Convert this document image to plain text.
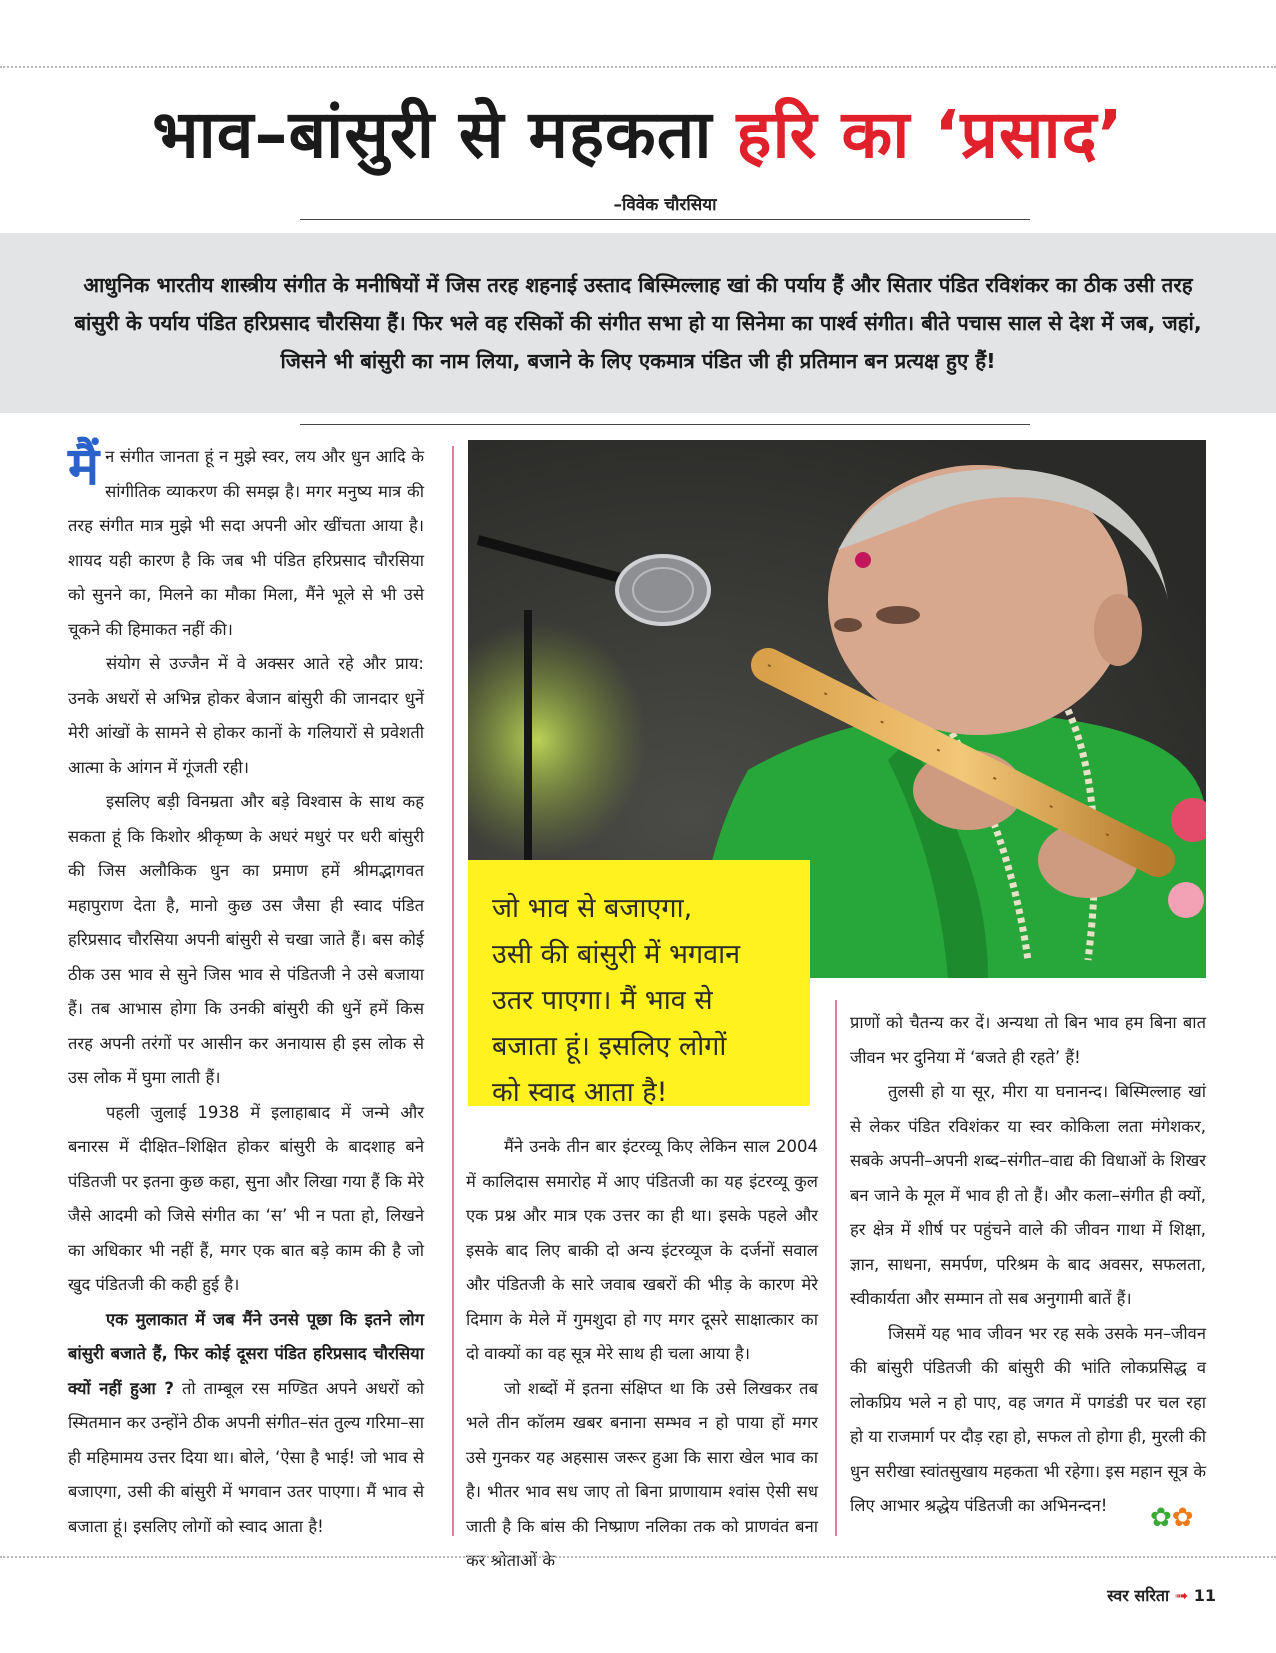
भाव–बांसुरी से महकता हरि का ‘प्रसाद’
–विवेक चौरसिया

आधुनिक भारतीय शास्त्रीय संगीत के मनीषियों में जिस तरह शहनाई उस्ताद बिस्मिल्लाह खां की पर्याय हैं और सितार पंडित रविशंकर का ठीक उसी तरह बांसुरी के पर्याय पंडित हरिप्रसाद चौरसिया हैं। फिर भले वह रसिकों की संगीत सभा हो या सिनेमा का पार्श्व संगीत। बीते पचास साल से देश में जब, जहां, जिसने भी बांसुरी का नाम लिया, बजाने के लिए एकमात्र पंडित जी ही प्रतिमान बन प्रत्यक्ष हुए हैं!

मैंन संगीत जानता हूं न मुझे स्वर, लय और धुन आदि के सांगीतिक व्याकरण की समझ है। मगर मनुष्य मात्र की तरह संगीत मात्र मुझे भी सदा अपनी ओर खींचता आया है। शायद यही कारण है कि जब भी पंडित हरिप्रसाद चौरसिया को सुनने का, मिलने का मौका मिला, मैंने भूले से भी उसे चूकने की हिमाकत नहीं की।

संयोग से उज्जैन में वे अक्सर आते रहे और प्राय: उनके अधरों से अभिन्न होकर बेजान बांसुरी की जानदार धुनें मेरी आंखों के सामने से होकर कानों के गलियारों से प्रवेशती आत्मा के आंगन में गूंजती रही।

इसलिए बड़ी विनम्रता और बड़े विश्वास के साथ कह सकता हूं कि किशोर श्रीकृष्ण के अधरं मधुरं पर धरी बांसुरी की जिस अलौकिक धुन का प्रमाण हमें श्रीमद्भागवत महापुराण देता है, मानो कुछ उस जैसा ही स्वाद पंडित हरिप्रसाद चौरसिया अपनी बांसुरी से चखा जाते हैं। बस कोई ठीक उस भाव से सुने जिस भाव से पंडितजी ने उसे बजाया हैं। तब आभास होगा कि उनकी बांसुरी की धुनें हमें किस तरह अपनी तरंगों पर आसीन कर अनायास ही इस लोक से उस लोक में घुमा लाती हैं।

पहली जुलाई 1938 में इलाहाबाद में जन्मे और बनारस में दीक्षित–शिक्षित होकर बांसुरी के बादशाह बने पंडितजी पर इतना कुछ कहा, सुना और लिखा गया हैं कि मेरे जैसे आदमी को जिसे संगीत का ‘स’ भी न पता हो, लिखने का अधिकार भी नहीं हैं, मगर एक बात बड़े काम की है जो खुद पंडितजी की कही हुई है।

एक मुलाकात में जब मैंने उनसे पूछा कि इतने लोग बांसुरी बजाते हैं, फिर कोई दूसरा पंडित हरिप्रसाद चौरसिया क्यों नहीं हुआ ? तो ताम्बूल रस मण्डित अपने अधरों को स्मितमान कर उन्होंने ठीक अपनी संगीत–संत तुल्य गरिमा–सा ही महिमामय उत्तर दिया था। बोले, ‘ऐसा है भाई! जो भाव से बजाएगा, उसी की बांसुरी में भगवान उतर पाएगा। मैं भाव से बजाता हूं। इसलिए लोगों को स्वाद आता है!

जो भाव से बजाएगा,
उसी की बांसुरी में भगवान
उतर पाएगा। मैं भाव से
बजाता हूं। इसलिए लोगों
को स्वाद आता है!

मैंने उनके तीन बार इंटरव्यू किए लेकिन साल 2004 में कालिदास समारोह में आए पंडितजी का यह इंटरव्यू कुल एक प्रश्न और मात्र एक उत्तर का ही था। इसके पहले और इसके बाद लिए बाकी दो अन्य इंटरव्यूज के दर्जनों सवाल और पंडितजी के सारे जवाब खबरों की भीड़ के कारण मेरे दिमाग के मेले में गुमशुदा हो गए मगर दूसरे साक्षात्कार का दो वाक्यों का वह सूत्र मेरे साथ ही चला आया है।

जो शब्दों में इतना संक्षिप्त था कि उसे लिखकर तब भले तीन कॉलम खबर बनाना सम्भव न हो पाया हों मगर उसे गुनकर यह अहसास जरूर हुआ कि सारा खेल भाव का है। भीतर भाव सध जाए तो बिना प्राणायाम श्वांस ऐसी सध जाती है कि बांस की निष्प्राण नलिका तक को प्राणवंत बना कर श्रोताओं के

प्राणों को चैतन्य कर दें। अन्यथा तो बिन भाव हम बिना बात जीवन भर दुनिया में ‘बजते ही रहते’ हैं!

तुलसी हो या सूर, मीरा या घनानन्द। बिस्मिल्लाह खां से लेकर पंडित रविशंकर या स्वर कोकिला लता मंगेशकर, सबके अपनी–अपनी शब्द–संगीत–वाद्य की विधाओं के शिखर बन जाने के मूल में भाव ही तो हैं। और कला–संगीत ही क्यों, हर क्षेत्र में शीर्ष पर पहुंचने वाले की जीवन गाथा में शिक्षा, ज्ञान, साधना, समर्पण, परिश्रम के बाद अवसर, सफलता, स्वीकार्यता और सम्मान तो सब अनुगामी बातें हैं।

जिसमें यह भाव जीवन भर रह सके उसके मन–जीवन की बांसुरी पंडितजी की बांसुरी की भांति लोकप्रसिद्ध व लोकप्रिय भले न हो पाए, वह जगत में पगडंडी पर चल रहा हो या राजमार्ग पर दौड़ रहा हो, सफल तो होगा ही, मुरली की धुन सरीखा स्वांतसुखाय महकता भी रहेगा। इस महान सूत्र के लिए आभार श्रद्धेय पंडितजी का अभिनन्दन!	✿✿
स्वर सरिता ➟ 11
